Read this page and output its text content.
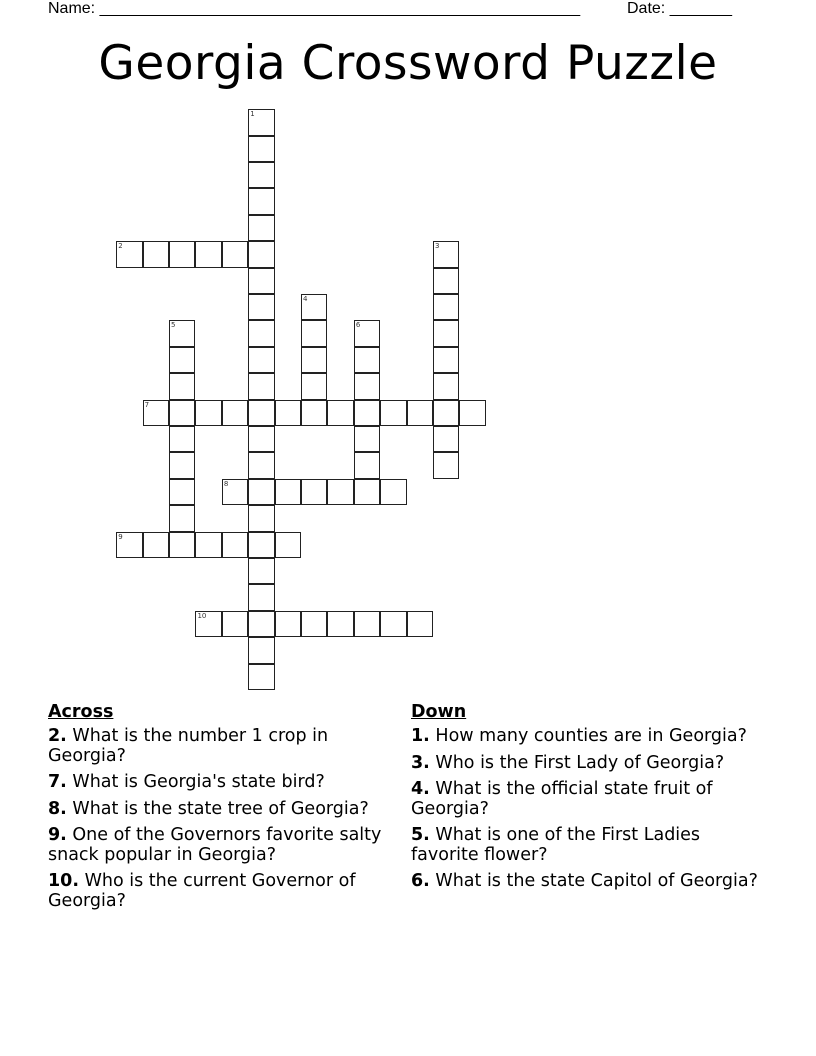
Name: ______________________________________________________	Date: _______
Georgia Crossword Puzzle
1
2	3
4
5	6
7
8
9
10
Across
2. What is the number 1 crop in Georgia?
7. What is Georgia's state bird?
8. What is the state tree of Georgia?
9. One of the Governors favorite salty snack popular in Georgia?
10. Who is the current Governor of Georgia?
Down
1. How many counties are in Georgia?
3. Who is the First Lady of Georgia?
4. What is the official state fruit of Georgia?
5. What is one of the First Ladies favorite flower?
6. What is the state Capitol of Georgia?
